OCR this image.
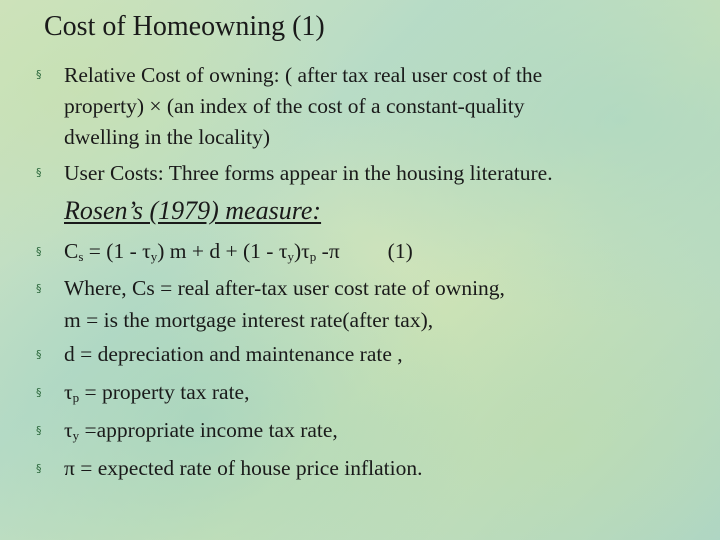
Cost of Homeowning (1)
§ Relative Cost of owning: ( after tax real user cost of the
property) × (an index of the cost of a constant-quality
dwelling in the locality)
§ User Costs: Three forms appear in the housing literature.
Rosen’s (1979) measure:
§ $C_s = (1 - \tau_y) m + d + (1 - \tau_y)\tau_p$ -π (1)
§ Where, Cs = real after-tax user cost rate of owning,
m = is the mortgage interest rate(after tax),
§ d = depreciation and maintenance rate ,
§ $\tau_p$ = property tax rate,
§ $\tau_y$ =appropriate income tax rate,
§ π = expected rate of house price inflation.
